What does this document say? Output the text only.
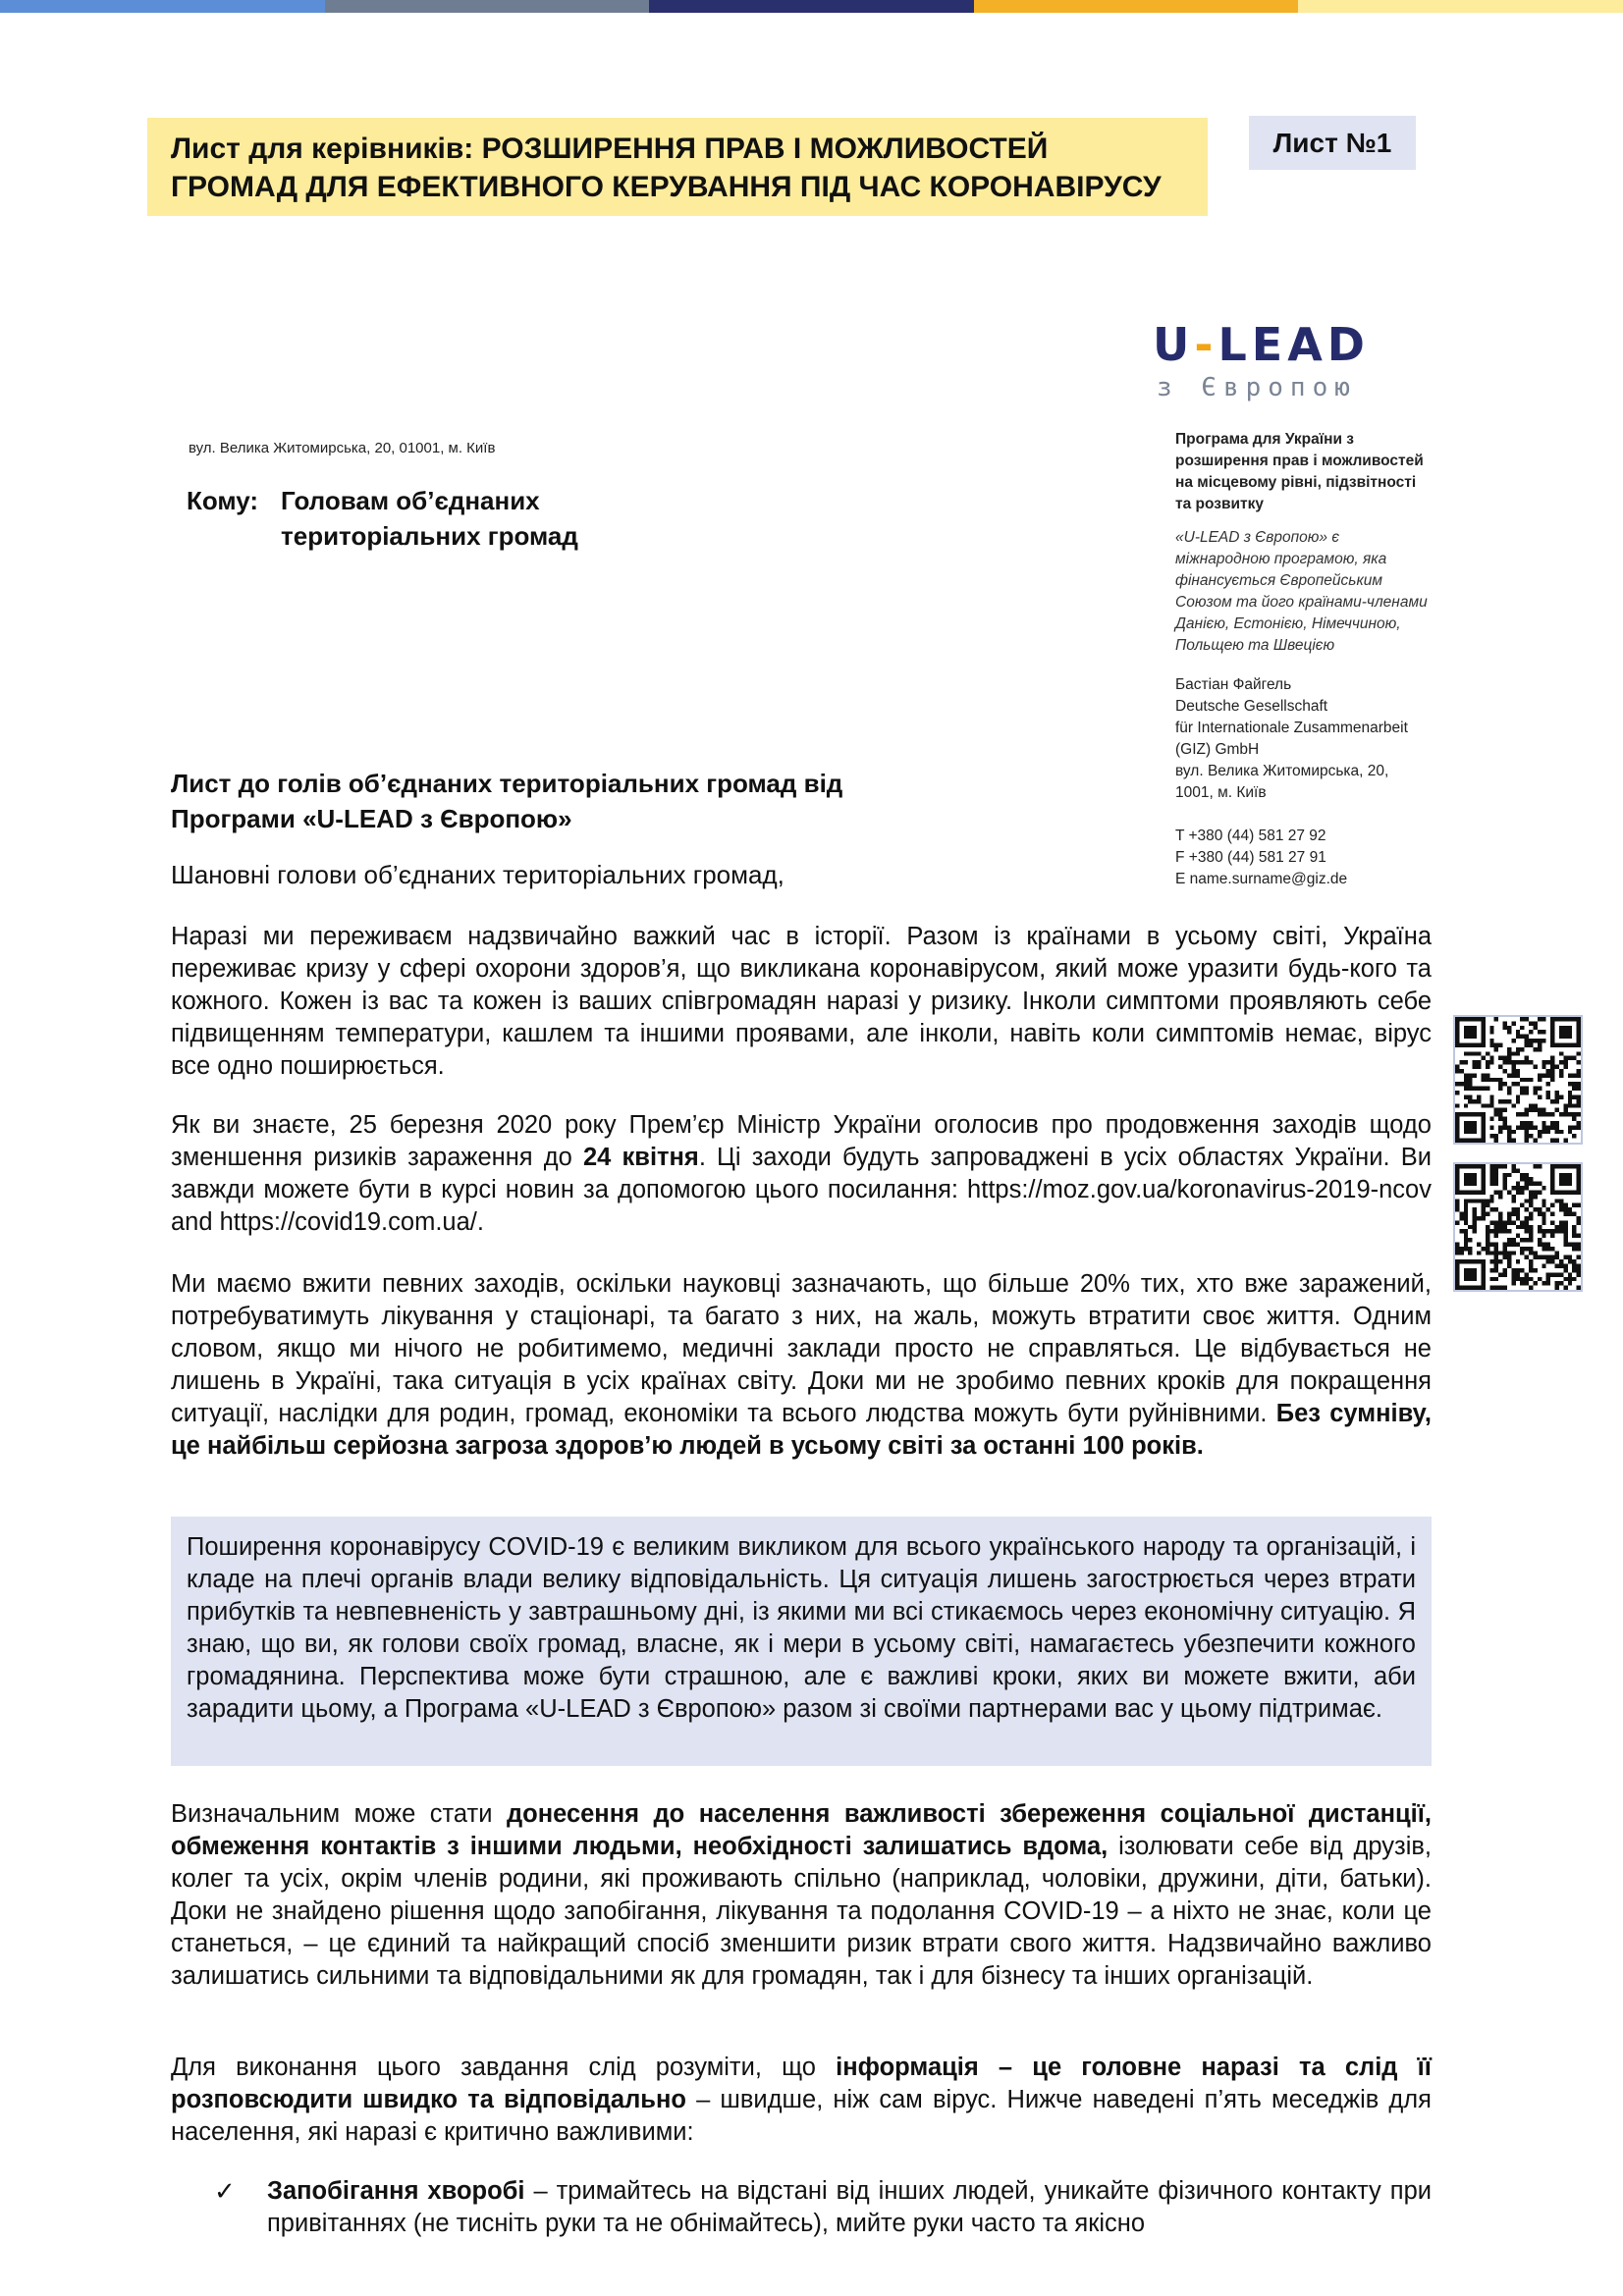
Лист для керівників: РОЗШИРЕННЯ ПРАВ І МОЖЛИВОСТЕЙ
ГРОМАД ДЛЯ ЕФЕКТИВНОГО КЕРУВАННЯ ПІД ЧАС КОРОНАВІРУСУ
Лист №1
U-LEAD
з Європою
вул. Велика Житомирська, 20, 01001, м. Київ
Кому: Головам об’єднаних
територіальних громад
Програма для України з
розширення прав і можливостей
на місцевому рівні, підзвітності
та розвитку
«U-LEAD з Європою» є
міжнародною програмою, яка
фінансується Європейським
Союзом та його країнами-членами
Данією, Естонією, Німеччиною,
Польщею та Швецією
Бастіан Файгель
Deutsche Gesellschaft
für Internationale Zusammenarbeit
(GIZ) GmbH
вул. Велика Житомирська, 20,
1001, м. Київ
T +380 (44) 581 27 92
F +380 (44) 581 27 91
E name.surname@giz.de
Лист до голів об’єднаних територіальних громад від
Програми «U-LEAD з Європою»
Шановні голови об’єднаних територіальних громад,
Наразі ми переживаєм надзвичайно важкий час в історії. Разом із країнами в усьому світі, Україна переживає кризу у сфері охорони здоров’я, що викликана коронавірусом, який може уразити будь-кого та кожного. Кожен із вас та кожен із ваших співгромадян наразі у ризику. Інколи симптоми проявляють себе підвищенням температури, кашлем та іншими проявами, але інколи, навіть коли симптомів немає, вірус все одно поширюється.
Як ви знаєте, 25 березня 2020 року Прем’єр Міністр України оголосив про продовження заходів щодо зменшення ризиків зараження до 24 квітня. Ці заходи будуть запроваджені в усіх областях України. Ви завжди можете бути в курсі новин за допомогою цього посилання: https://moz.gov.ua/koronavirus-2019-ncov and https://covid19.com.ua/.
Ми маємо вжити певних заходів, оскільки науковці зазначають, що більше 20% тих, хто вже заражений, потребуватимуть лікування у стаціонарі, та багато з них, на жаль, можуть втратити своє життя. Одним словом, якщо ми нічого не робитимемо, медичні заклади просто не справляться. Це відбувається не лишень в Україні, така ситуація в усіх країнах світу. Доки ми не зробимо певних кроків для покращення ситуації, наслідки для родин, громад, економіки та всього людства можуть бути руйнівними. Без сумніву, це найбільш серйозна загроза здоров’ю людей в усьому світі за останні 100 років.
Поширення коронавірусу COVID-19 є великим викликом для всього українського народу та організацій, і кладе на плечі органів влади велику відповідальність. Ця ситуація лишень загострюється через втрати прибутків та невпевненість у завтрашньому дні, із якими ми всі стикаємось через економічну ситуацію. Я знаю, що ви, як голови своїх громад, власне, як і мери в усьому світі, намагаєтесь убезпечити кожного громадянина. Перспектива може бути страшною, але є важливі кроки, яких ви можете вжити, аби зарадити цьому, а Програма «U-LEAD з Європою» разом зі своїми партнерами вас у цьому підтримає.
Визначальним може стати донесення до населення важливості збереження соціальної дистанції, обмеження контактів з іншими людьми, необхідності залишатись вдома, ізолювати себе від друзів, колег та усіх, окрім членів родини, які проживають спільно (наприклад, чоловіки, дружини, діти, батьки). Доки не знайдено рішення щодо запобігання, лікування та подолання COVID-19 – а ніхто не знає, коли це станеться, – це єдиний та найкращий спосіб зменшити ризик втрати свого життя. Надзвичайно важливо залишатись сильними та відповідальними як для громадян, так і для бізнесу та інших організацій.
Для виконання цього завдання слід розуміти, що інформація – це головне наразі та слід її розповсюдити швидко та відповідально – швидше, ніж сам вірус. Нижче наведені п’ять меседжів для населення, які наразі є критично важливими:
✓ Запобігання хворобі – тримайтесь на відстані від інших людей, уникайте фізичного контакту при привітаннях (не тисніть руки та не обнімайтесь), мийте руки часто та якісно
